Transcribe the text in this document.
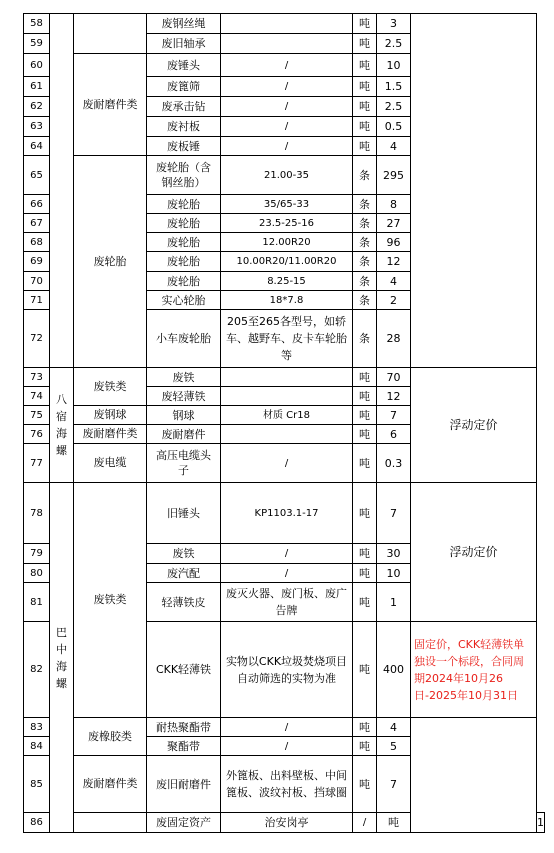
58			废钢丝绳		吨	3		
59			废旧轴承		吨	2.5		
60		废耐磨件类	废锤头	/	吨	10		
61			废篦筛	/	吨	1.5		
62			废承击钻	/	吨	2.5		
63			废衬板	/	吨	0.5		
64			废板锤	/	吨	4		
65		废轮胎	废轮胎（含钢丝胎）	21.00-35	条	295		
66			废轮胎	35/65-33	条	8		
67			废轮胎	23.5-25-16	条	27		
68			废轮胎	12.00R20	条	96		
69			废轮胎	10.00R20/11.00R20	条	12		
70			废轮胎	8.25-15	条	4		
71			实心轮胎	18*7.8	条	2		
72			小车废轮胎	205至265各型号，如轿车、越野车、皮卡车轮胎等	条	28		
73	八宿海螺	废铁类	废铁		吨	70	浮动定价	
74			废轻薄铁		吨	12		
75		废钢球	钢球	材质 Cr18	吨	7		
76		废耐磨件类	废耐磨件		吨	6		
77		废电缆	高压电缆头子	/	吨	0.3		
78	巴中海螺	废铁类	旧锤头	KP1103.1-17	吨	7	浮动定价	
79			废铁	/	吨	30		
80			废汽配	/	吨	10		
81			轻薄铁皮	废灭火器、废门板、废广告牌	吨	1		
82			CKK轻薄铁	实物以CKK垃圾焚烧项目自动筛选的实物为准	吨	400	固定价，CKK轻薄铁单独设一个标段，合同周期2024年10月26日-2025年10月31日	
83		废橡胶类	耐热聚酯带	/	吨	4		
84			聚酯带	/	吨	5		
85		废耐磨件类	废旧耐磨件	外篦板、出料壁板、中间篦板、波纹衬板、挡球圈	吨	7		
86			废固定资产	治安岗亭	/	吨		1
